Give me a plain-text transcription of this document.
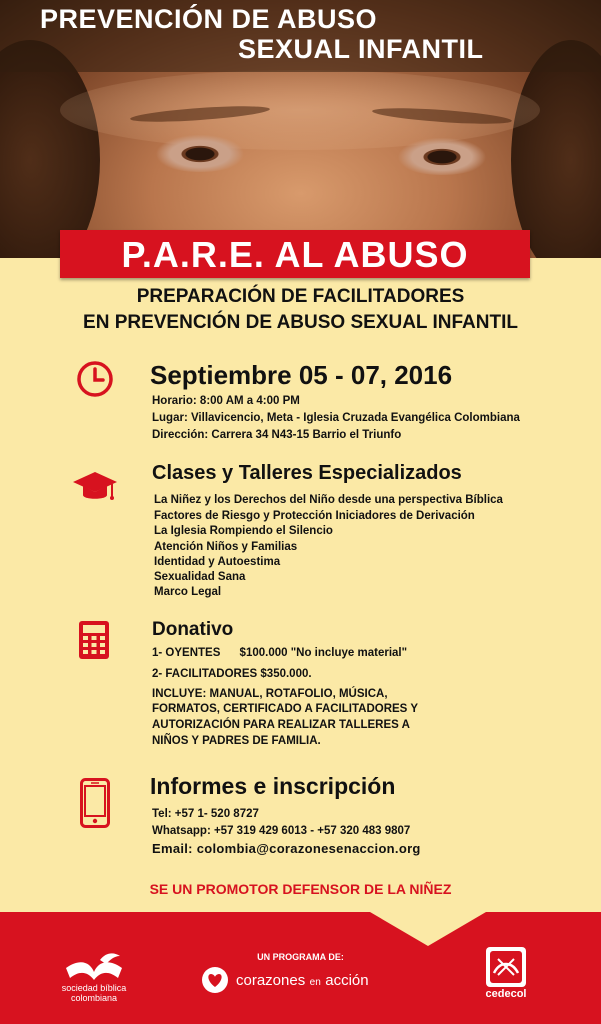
PREVENCIÓN DE ABUSO
SEXUAL INFANTIL
P.A.R.E. AL ABUSO
PREPARACIÓN DE FACILITADORES
EN PREVENCIÓN DE ABUSO SEXUAL INFANTIL
Septiembre 05 - 07, 2016
Horario: 8:00 AM a 4:00 PM
Lugar: Villavicencio, Meta - Iglesia Cruzada Evangélica Colombiana
Dirección: Carrera 34 N43-15 Barrio el Triunfo
Clases y Talleres Especializados
La Niñez y los Derechos del Niño desde una perspectiva Bíblica
Factores de Riesgo y Protección Iniciadores de Derivación
La Iglesia Rompiendo el Silencio
Atención Niños y Familias
Identidad y Autoestima
Sexualidad Sana
Marco Legal
Donativo
1- OYENTES      $100.000 "No incluye material"
2- FACILITADORES $350.000.
INCLUYE: MANUAL, ROTAFOLIO, MÚSICA,
FORMATOS, CERTIFICADO A FACILITADORES Y
AUTORIZACIÓN PARA REALIZAR TALLERES A
NIÑOS Y PADRES DE FAMILIA.
Informes e inscripción
Tel: +57 1- 520 8727
Whatsapp: +57 319 429 6013 - +57 320 483 9807
Email: colombia@corazonesenaccion.org
SE UN PROMOTOR DEFENSOR DE LA NIÑEZ
sociedad bíblica
colombiana
UN PROGRAMA DE:
corazones en acción
cedecol
